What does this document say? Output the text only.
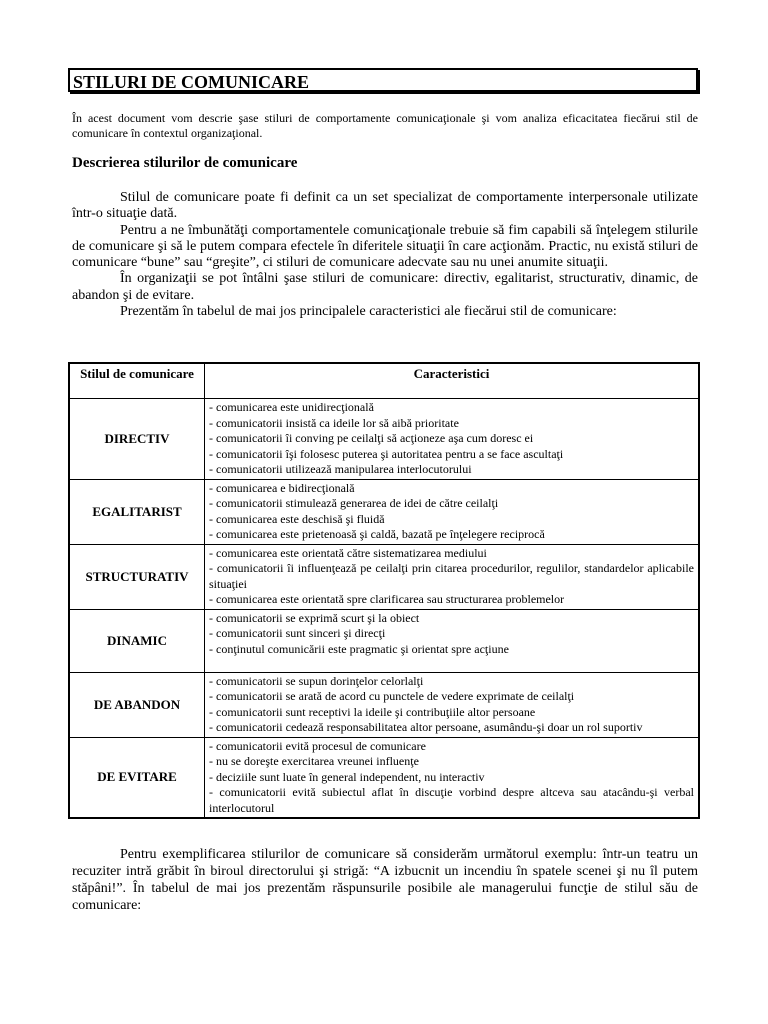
STILURI DE COMUNICARE
În acest document vom descrie şase stiluri de comportamente comunicaţionale şi vom analiza eficacitatea fiecărui stil de comunicare în contextul organizaţional.
Descrierea stilurilor de comunicare

Stilul de comunicare poate fi definit ca un set specializat de comportamente interpersonale utilizate într-o situaţie dată.

Pentru a ne îmbunătăţi comportamentele comunicaţionale trebuie să fim capabili să înţelegem stilurile de comunicare şi să le putem compara efectele în diferitele situaţii în care acţionăm. Practic, nu există stiluri de comunicare “bune” sau “greşite”, ci stiluri de comunicare adecvate sau nu unei anumite situaţii.

În organizaţii se pot întâlni şase stiluri de comunicare: directiv, egalitarist, structurativ, dinamic, de abandon şi de evitare.

Prezentăm în tabelul de mai jos principalele caracteristici ale fiecărui stil de comunicare:

Stilul de comunicare	Caracteristici
DIRECTIV	- comunicarea este unidirecţională
- comunicatorii insistă ca ideile lor să aibă prioritate
- comunicatorii îi conving pe ceilalţi să acţioneze aşa cum doresc ei
- comunicatorii îşi folosesc puterea şi autoritatea pentru a se face ascultaţi
- comunicatorii utilizează manipularea interlocutorului

EGALITARIST	- comunicarea e bidirecţională
- comunicatorii stimulează generarea de idei de către ceilalţi
- comunicarea este deschisă şi fluidă
- comunicarea este prietenoasă şi caldă, bazată pe înţelegere reciprocă

STRUCTURATIV	- comunicarea este orientată către sistematizarea mediului
- comunicatorii îi influenţează pe ceilalţi prin citarea procedurilor, regulilor, standardelor aplicabile situaţiei
- comunicarea este orientată spre clarificarea sau structurarea problemelor

DINAMIC	- comunicatorii se exprimă scurt şi la obiect
- comunicatorii sunt sinceri şi direcţi
- conţinutul comunicării este pragmatic şi orientat spre acţiune

DE ABANDON	- comunicatorii se supun dorinţelor celorlalţi
- comunicatorii se arată de acord cu punctele de vedere exprimate de ceilalţi
- comunicatorii sunt receptivi la ideile şi contribuţiile altor persoane
- comunicatorii cedează responsabilitatea altor persoane, asumându-şi doar un rol suportiv

DE EVITARE	- comunicatorii evită procesul de comunicare
- nu se doreşte exercitarea vreunei influenţe
- deciziile sunt luate în general independent, nu interactiv
- comunicatorii evită subiectul aflat în discuţie vorbind despre altceva sau atacându-şi verbal interlocutorul

Pentru exemplificarea stilurilor de comunicare să considerăm următorul exemplu: într-un teatru un recuziter intră grăbit în biroul directorului şi strigă: “A izbucnit un incendiu în spatele scenei şi nu îl putem stăpâni!”. În tabelul de mai jos prezentăm răspunsurile posibile ale managerului funcţie de stilul său de comunicare:
